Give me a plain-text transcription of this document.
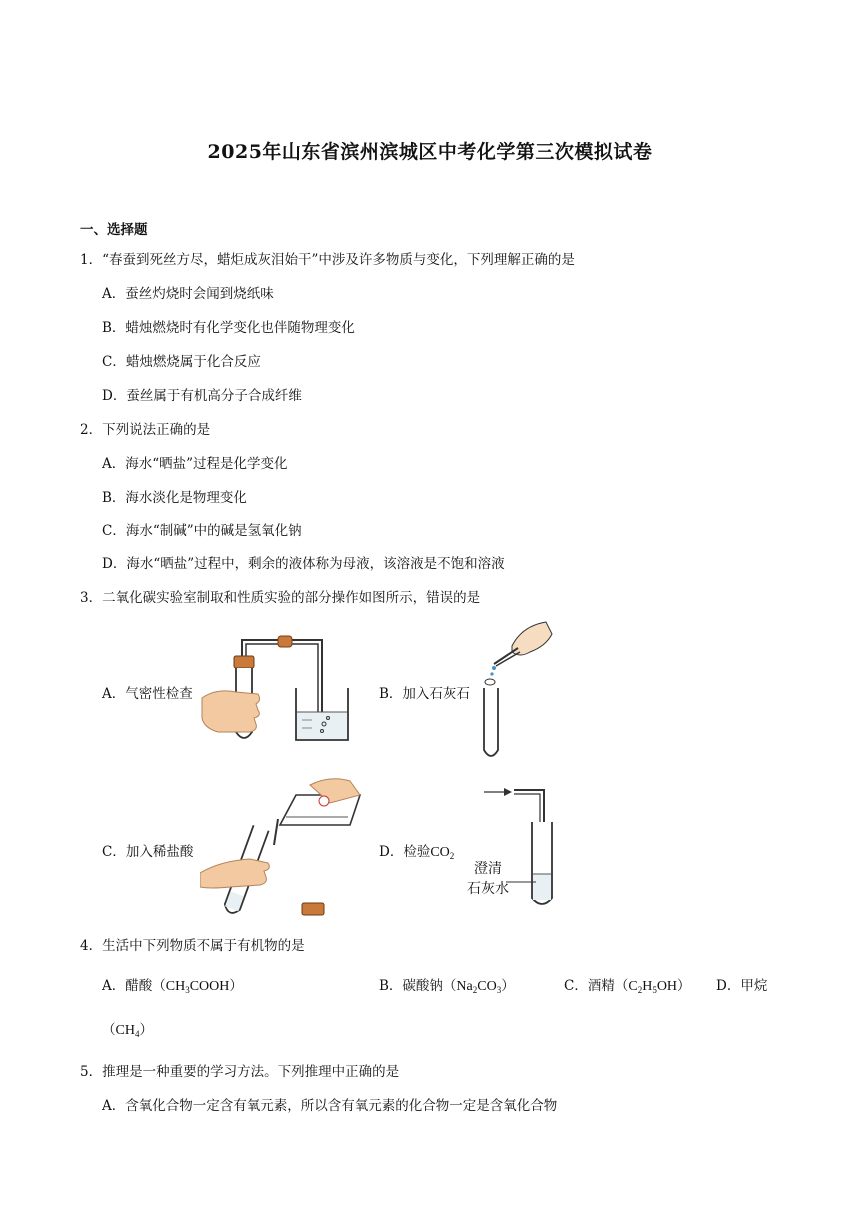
2025年山东省滨州滨城区中考化学第三次模拟试卷
一、选择题
1．“春蚕到死丝方尽，蜡炬成灰泪始干”中涉及许多物质与变化，下列理解正确的是
A．蚕丝灼烧时会闻到烧纸味
B．蜡烛燃烧时有化学变化也伴随物理变化
C．蜡烛燃烧属于化合反应
D．蚕丝属于有机高分子合成纤维
2．下列说法正确的是
A．海水“晒盐”过程是化学变化
B．海水淡化是物理变化
C．海水“制碱”中的碱是氢氧化钠
D．海水“晒盐”过程中，剩余的液体称为母液，该溶液是不饱和溶液
3．二氧化碳实验室制取和性质实验的部分操作如图所示，错误的是
A．气密性检查	B．加入石灰石
C．加入稀盐酸	D．检验$CO_2$
澄清
石灰水
4．生活中下列物质不属于有机物的是
A．醋酸$(CH_3COOH)$	B．碳酸钠$(Na_2CO_3)$	C．酒精$(C_2H_5OH)$ D．甲烷
$(CH_4)$
5．推理是一种重要的学习方法。下列推理中正确的是
A．含氧化合物一定含有氧元素，所以含有氧元素的化合物一定是含氧化合物
